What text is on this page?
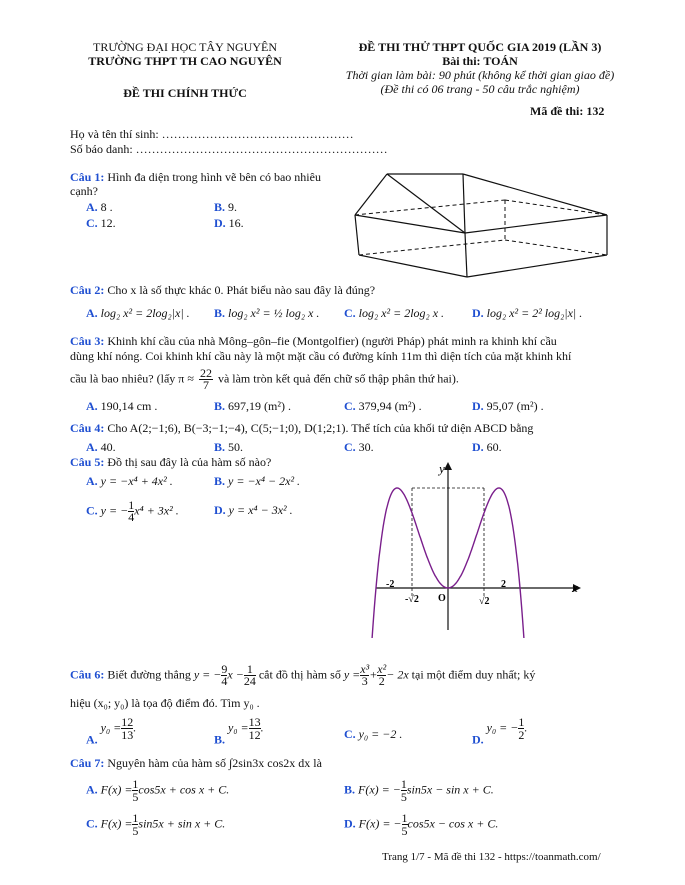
TRƯỜNG ĐẠI HỌC TÂY NGUYÊN
TRƯỜNG THPT TH CAO NGUYÊN
ĐỀ THI CHÍNH THỨC
ĐỀ THI THỬ THPT QUỐC GIA 2019 (LẦN 3)
Bài thi: TOÁN
Thời gian làm bài: 90 phút (không kể thời gian giao đề)
(Đề thi có 06 trang - 50 câu trắc nghiệm)
Mã đề thi: 132
Họ và tên thí sinh: …………………………………………
Số báo danh: ………………………………………………………
Câu 1: Hình đa diện trong hình vẽ bên có bao nhiêu cạnh?
A. 8 .	B. 9.
C. 12.	D. 16.
Câu 2: Cho x là số thực khác 0. Phát biểu nào sau đây là đúng?
A. log₂ x² = 2log₂|x| . B. log₂ x² = ½ log₂ x . C. log₂ x² = 2log₂ x . D. log₂ x² = 2² log₂|x| .
Câu 3: Khinh khí cầu của nhà Mông–gôn–fie (Montgolfier) (người Pháp) phát minh ra khinh khí cầu
dùng khí nóng. Coi khinh khí cầu này là một mặt cầu có đường kính 11m thì diện tích của mặt khinh khí
cầu là bao nhiêu? (lấy $\pi \approx \frac{22}{7}$ và làm tròn kết quả đến chữ số thập phân thứ hai).
A. 190,14 cm .	B. 697,19 (m²) .	C. 379,94 (m²) .	D. 95,07 (m²) .
Câu 4: Cho A(2;−1;6), B(−3;−1;−4), C(5;−1;0), D(1;2;1). Thể tích của khối tứ diện ABCD bằng
A. 40.	B. 50.	C. 30.	D. 60.
Câu 5: Đồ thị sau đây là của hàm số nào?
A. y = −x⁴ + 4x² .	B. y = −x⁴ − 2x² .
C. y = − $\frac{1}{4} x^4 + 3x^2$ .	D. y = x⁴ − 3x² .
y
x
O
-2	2
-√2	√2
Câu 6: Biết đường thẳng y = − $\frac{9}{4}$ $x - \frac{1}{24}$ cắt đồ thị hàm số $y = \frac{\text{x³}}{3} + \frac{\text{x²}}{2} - 2x$ tại một điểm duy nhất; ký
hiệu (x₀; y₀) là tọa độ điểm đó. Tìm y₀ .
A. $y_0 = \frac{12}{13}$ .
B. $y_0 = \frac{13}{12}$ .	C. y₀ = −2 .	D. y₀ = − $\frac{1}{2}$ .
Câu 7: Nguyên hàm của hàm số ∫2sin3x cos2x dx là
A. $F(x) = \frac{1}{5} \cos 5x + \cos x + C$.	B. F(x) = − $\frac{1}{5} \sin 5x - \sin x + C$.
C. $F(x) = \frac{1}{5} \sin 5x + \sin x + C$.	D. F(x) = − $\frac{1}{5} \cos 5x - \cos x + C$.
Trang 1/7 - Mã đề thi 132 - https://toanmath.com/
